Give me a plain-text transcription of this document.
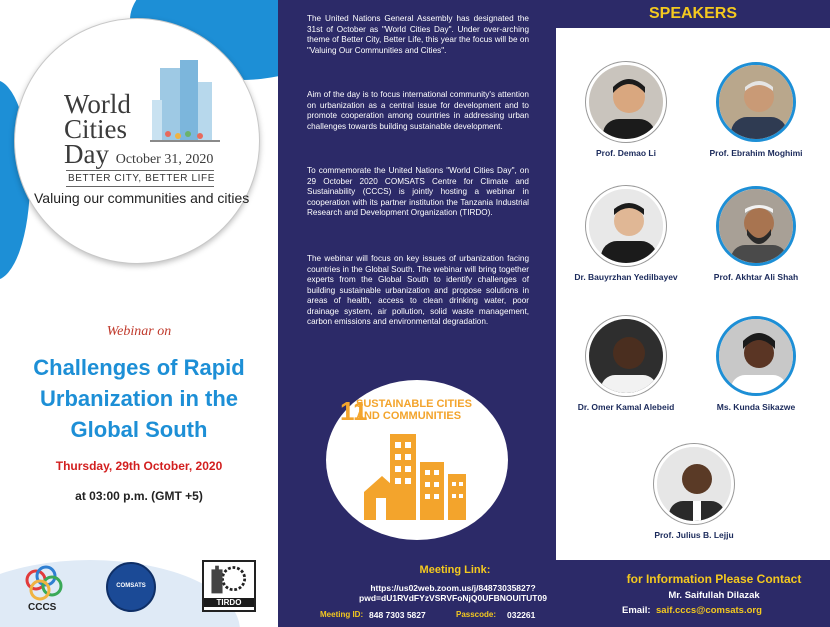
World
Cities
Day October 31, 2020
BETTER CITY, BETTER LIFE
Valuing our communities and cities
Webinar on
Challenges of Rapid
Urbanization in the
Global South
Thursday, 29th October, 2020
at 03:00 p.m. (GMT +5)
CCCS
COMSATS
TIRDO

The United Nations General Assembly has designated the 31st of October as "World Cities Day". Under over-arching theme of Better City, Better Life, this year the focus will be on "Valuing Our Communities and Cities".

Aim of the day is to focus international community's attention on urbanization as a central issue for development and to promote cooperation among countries in addressing urban challenges towards building sustainable development.

To commemorate the United Nations "World Cities Day", on 29 October 2020 COMSATS Centre for Climate and Sustainability (CCCS) is jointly hosting a webinar in cooperation with its partner institution the Tanzania Industrial Research and Development Organization (TIRDO).

The webinar will focus on key issues of urbanization facing countries in the Global South. The webinar will bring together experts from the Global South to identify challenges of building sustainable urbanization and propose solutions in areas of health, access to clean drinking water, poor drainage system, air pollution, solid waste management, carbon emissions and environmental degradation.

11
SUSTAINABLE CITIES
AND COMMUNITIES
SPEAKERS
Prof. Demao Li	Prof. Ebrahim Moghimi
Dr. Bauyrzhan Yedilbayev	Prof. Akhtar Ali Shah
Dr. Omer Kamal Alebeid	Ms. Kunda Sikazwe
Prof. Julius B. Lejju
Meeting Link:
https://us02web.zoom.us/j/84873035827?
pwd=dU1RVdFYzVSRVFoNjQ0UFBNOUITUT09
Meeting ID: 848 7303 5827	Passcode: 032261
for Information Please Contact
Mr. Saifullah Dilazak
Email: saif.cccs@comsats.org
